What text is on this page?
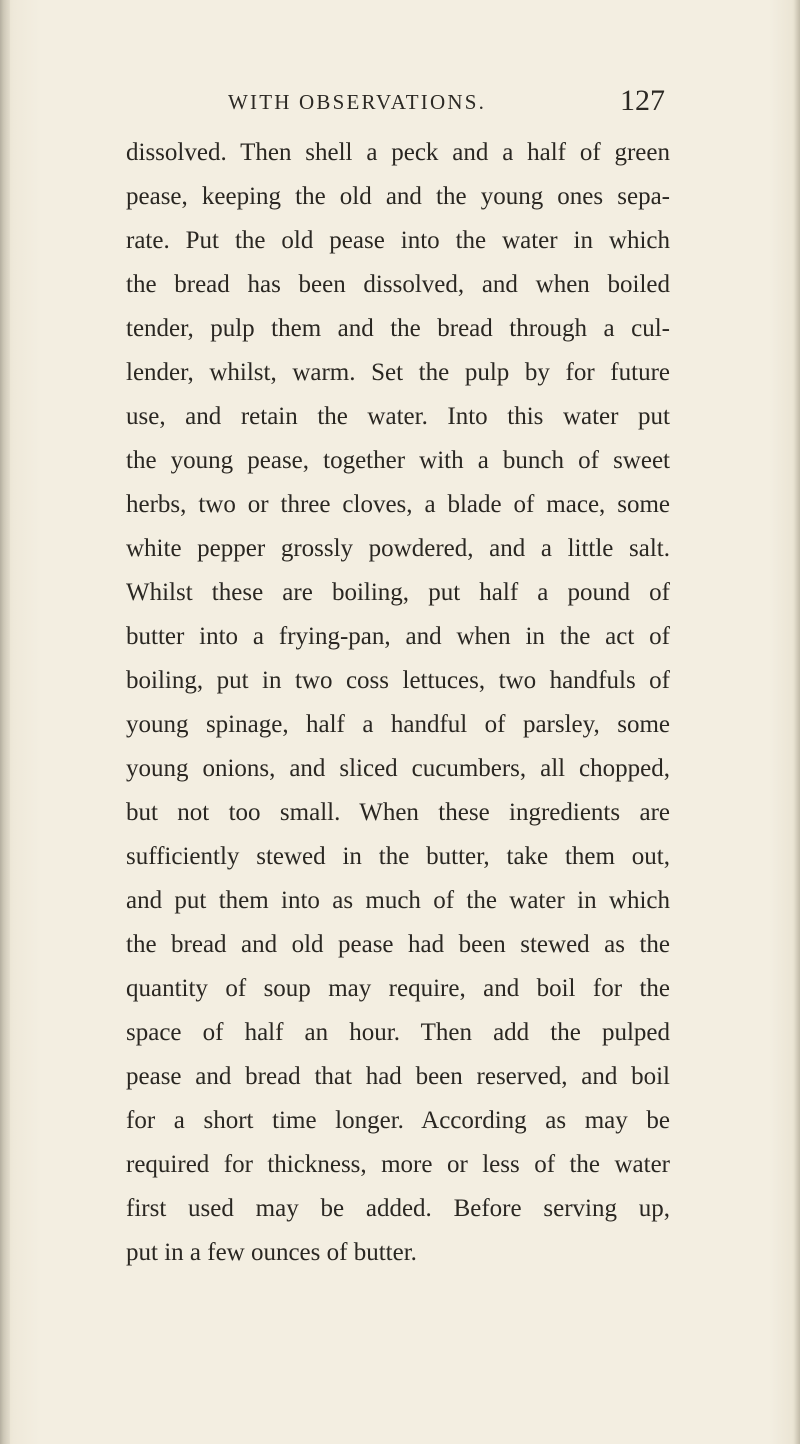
WITH OBSERVATIONS.	127
dissolved. Then shell a peck and a half of green
pease, keeping the old and the young ones sepa-
rate. Put the old pease into the water in which
the bread has been dissolved, and when boiled
tender, pulp them and the bread through a cul-
lender, whilst, warm. Set the pulp by for future
use, and retain the water. Into this water put
the young pease, together with a bunch of sweet
herbs, two or three cloves, a blade of mace, some
white pepper grossly powdered, and a little salt.
Whilst these are boiling, put half a pound of
butter into a frying-pan, and when in the act of
boiling, put in two coss lettuces, two handfuls of
young spinage, half a handful of parsley, some
young onions, and sliced cucumbers, all chopped,
but not too small. When these ingredients are
sufficiently stewed in the butter, take them out,
and put them into as much of the water in which
the bread and old pease had been stewed as the
quantity of soup may require, and boil for the
space of half an hour. Then add the pulped
pease and bread that had been reserved, and boil
for a short time longer. According as may be
required for thickness, more or less of the water
first used may be added. Before serving up,
put in a few ounces of butter.
